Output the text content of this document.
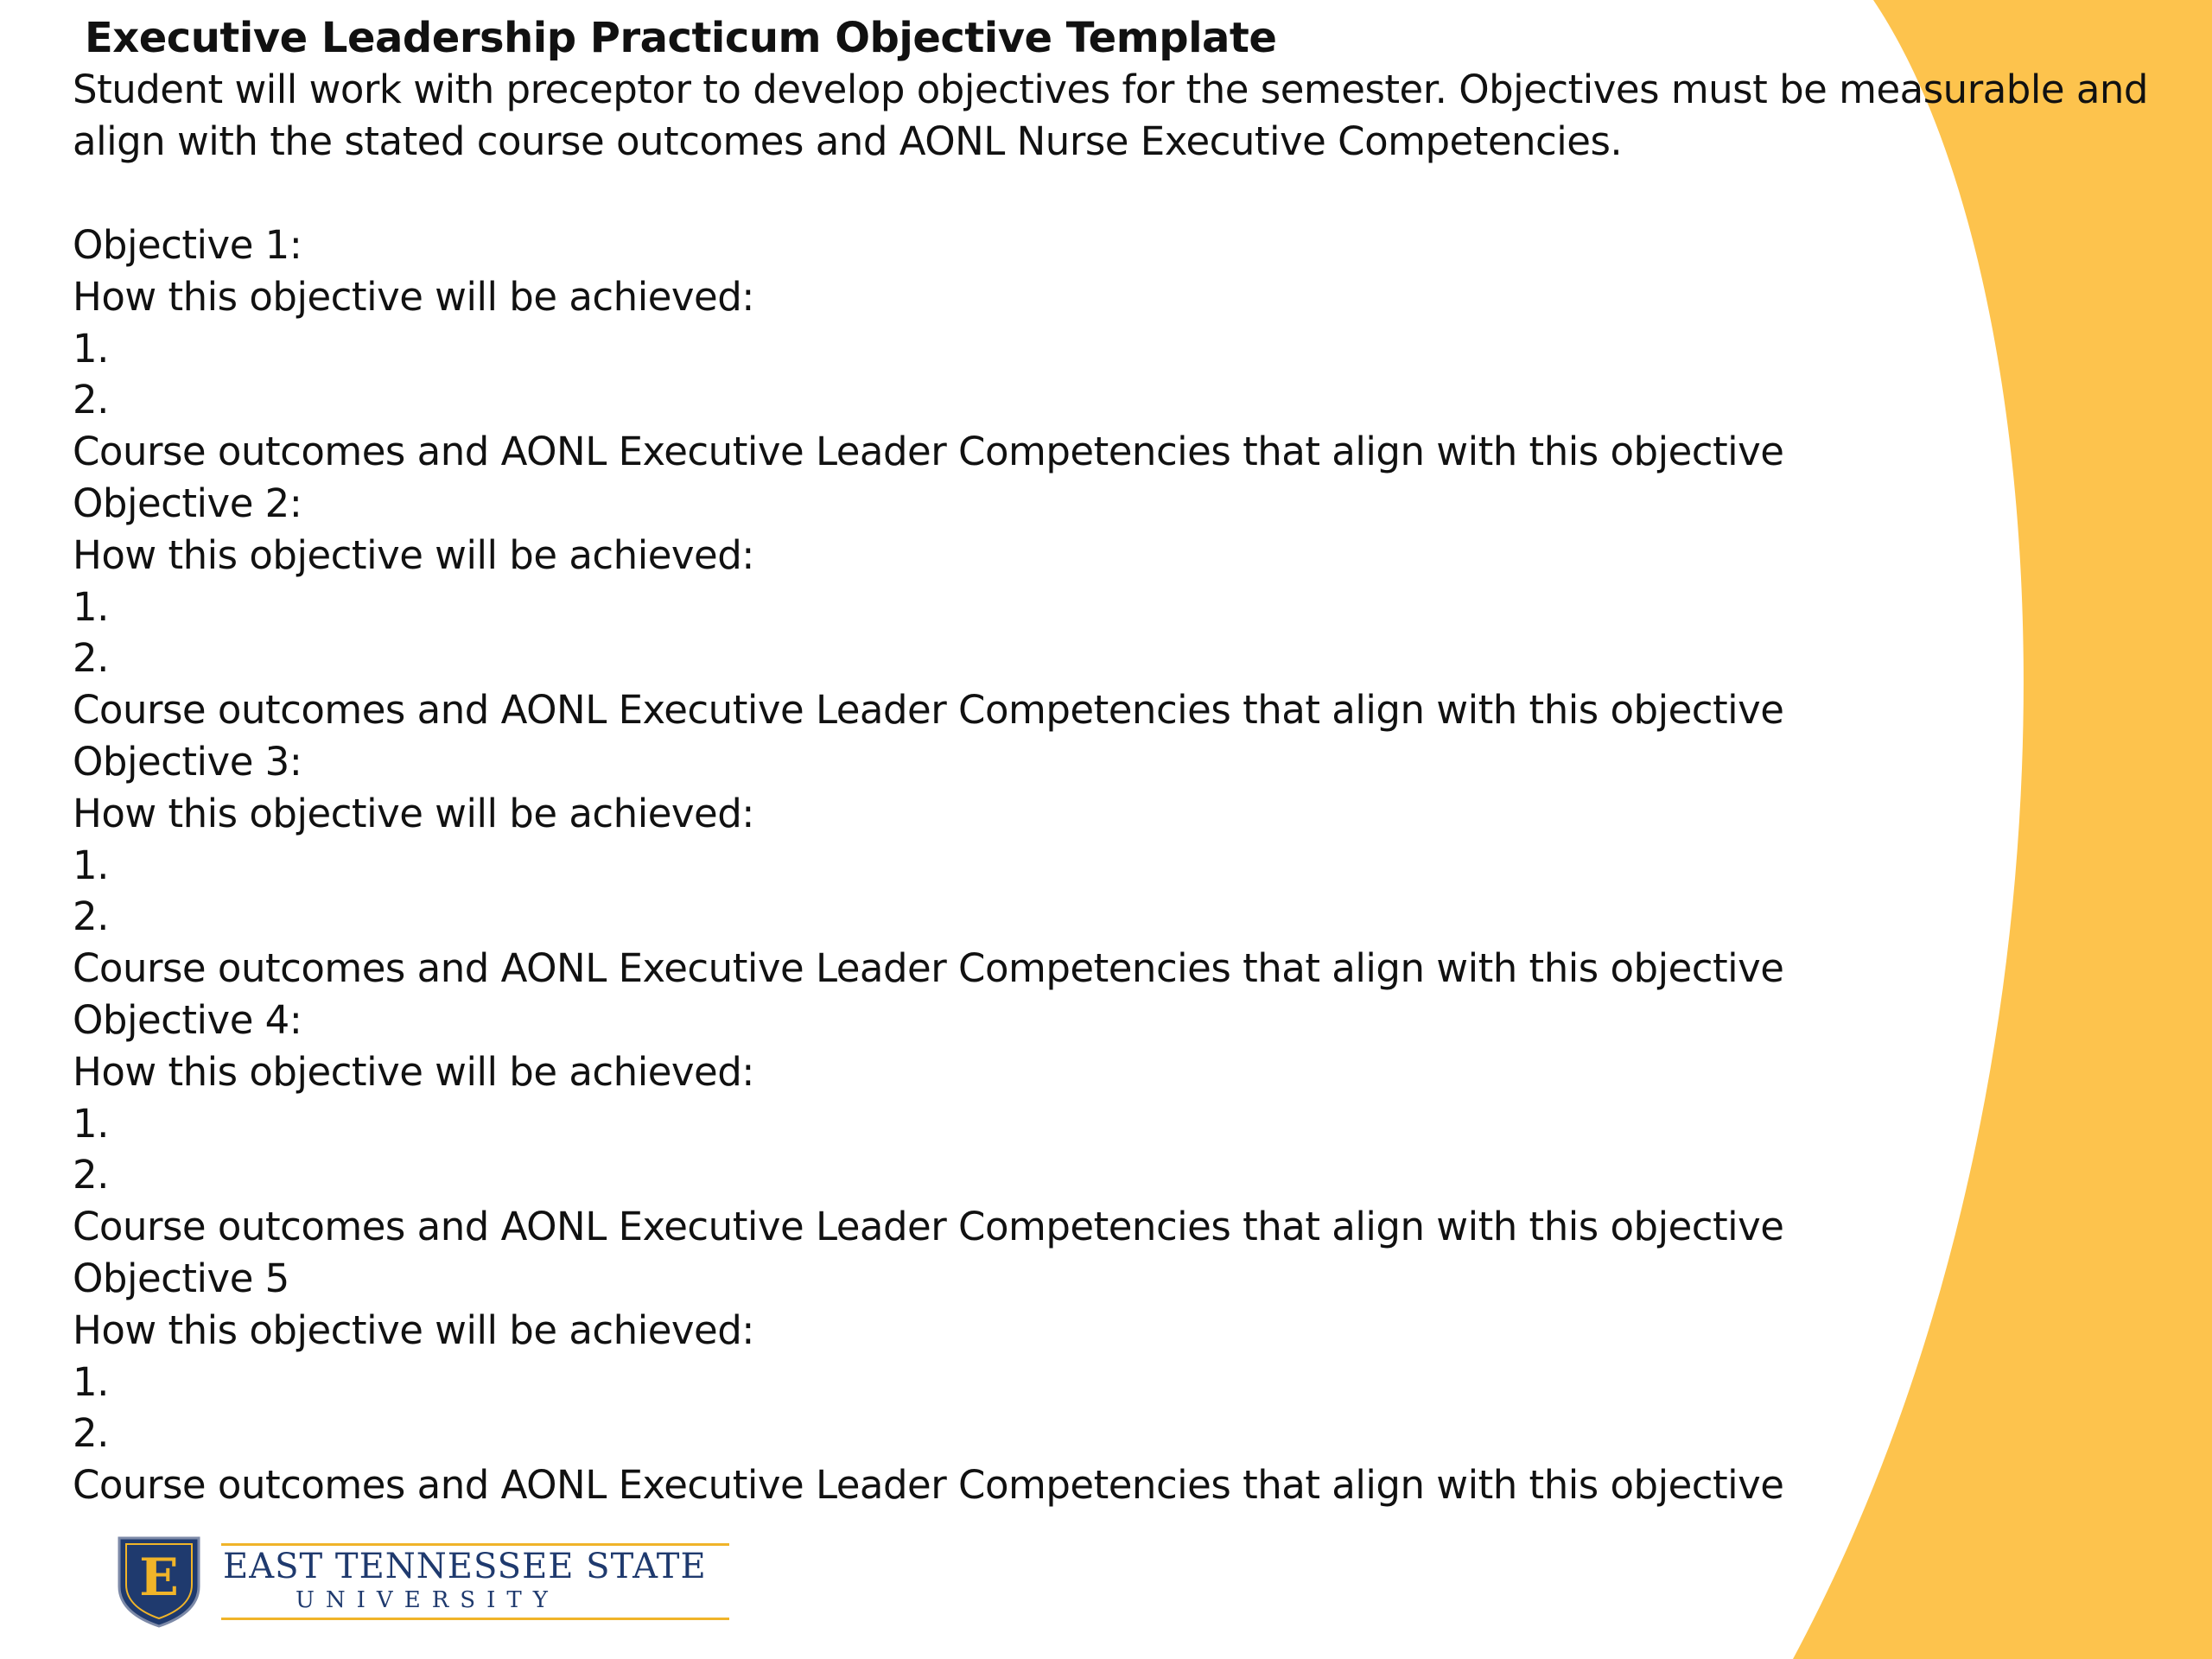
Executive Leadership Practicum Objective Template
Student will work with preceptor to develop objectives for the semester. Objectives must be measurable and
align with the stated course outcomes and AONL Nurse Executive Competencies.
Objective 1:
How this objective will be achieved:
1.
2.
Course outcomes and AONL Executive Leader Competencies that align with this objective
Objective 2:
How this objective will be achieved:
1.
2.
Course outcomes and AONL Executive Leader Competencies that align with this objective
Objective 3:
How this objective will be achieved:
1.
2.
Course outcomes and AONL Executive Leader Competencies that align with this objective
Objective 4:
How this objective will be achieved:
1.
2.
Course outcomes and AONL Executive Leader Competencies that align with this objective
Objective 5
How this objective will be achieved:
1.
2.
Course outcomes and AONL Executive Leader Competencies that align with this objective
E EAST TENNESSEE STATE
UNIVERSITY
